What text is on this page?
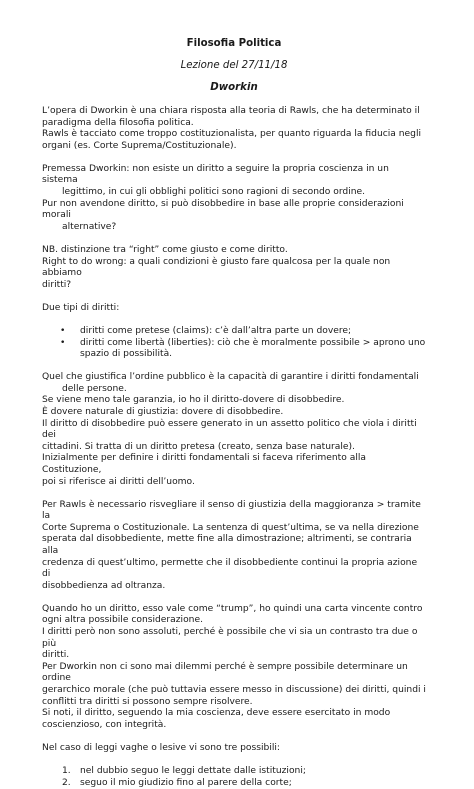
Filosofia Politica
Lezione del 27/11/18
Dworkin

L’opera di Dworkin è una chiara risposta alla teoria di Rawls, che ha determinato il
paradigma della filosofia politica.
Rawls è tacciato come troppo costituzionalista, per quanto riguarda la fiducia negli
organi (es. Corte Suprema/Costituzionale).

Premessa Dworkin: non esiste un diritto a seguire la propria coscienza in un sistema
legittimo, in cui gli obblighi politici sono ragioni di secondo ordine.
Pur non avendone diritto, si può disobbedire in base alle proprie considerazioni morali
alternative?

NB. distinzione tra “right” come giusto e come diritto.
Right to do wrong: a quali condizioni è giusto fare qualcosa per la quale non abbiamo
diritti?

Due tipi di diritti:

• diritti come pretese (claims): c’è dall’altra parte un dovere;
• diritti come libertà (liberties): ciò che è moralmente possibile > aprono uno
spazio di possibilità.

Quel che giustifica l’ordine pubblico è la capacità di garantire i diritti fondamentali
delle persone.
Se viene meno tale garanzia, io ho il diritto-dovere di disobbedire.
È dovere naturale di giustizia: dovere di disobbedire.
Il diritto di disobbedire può essere generato in un assetto politico che viola i diritti dei
cittadini. Si tratta di un diritto pretesa (creato, senza base naturale).
Inizialmente per definire i diritti fondamentali si faceva riferimento alla Costituzione,
poi si riferisce ai diritti dell’uomo.

Per Rawls è necessario risvegliare il senso di giustizia della maggioranza > tramite la
Corte Suprema o Costituzionale. La sentenza di quest’ultima, se va nella direzione
sperata dal disobbediente, mette fine alla dimostrazione; altrimenti, se contraria alla
credenza di quest’ultimo, permette che il disobbediente continui la propria azione di
disobbedienza ad oltranza.

Quando ho un diritto, esso vale come “trump”, ho quindi una carta vincente contro
ogni altra possibile considerazione.
I diritti però non sono assoluti, perché è possibile che vi sia un contrasto tra due o più
diritti.
Per Dworkin non ci sono mai dilemmi perché è sempre possibile determinare un ordine
gerarchico morale (che può tuttavia essere messo in discussione) dei diritti, quindi i
conflitti tra diritti si possono sempre risolvere.
Si noti, il diritto, seguendo la mia coscienza, deve essere esercitato in modo
coscienzioso, con integrità.

Nel caso di leggi vaghe o lesive vi sono tre possibili:

1. nel dubbio seguo le leggi dettate dalle istituzioni;
2. seguo il mio giudizio fino al parere della corte;
